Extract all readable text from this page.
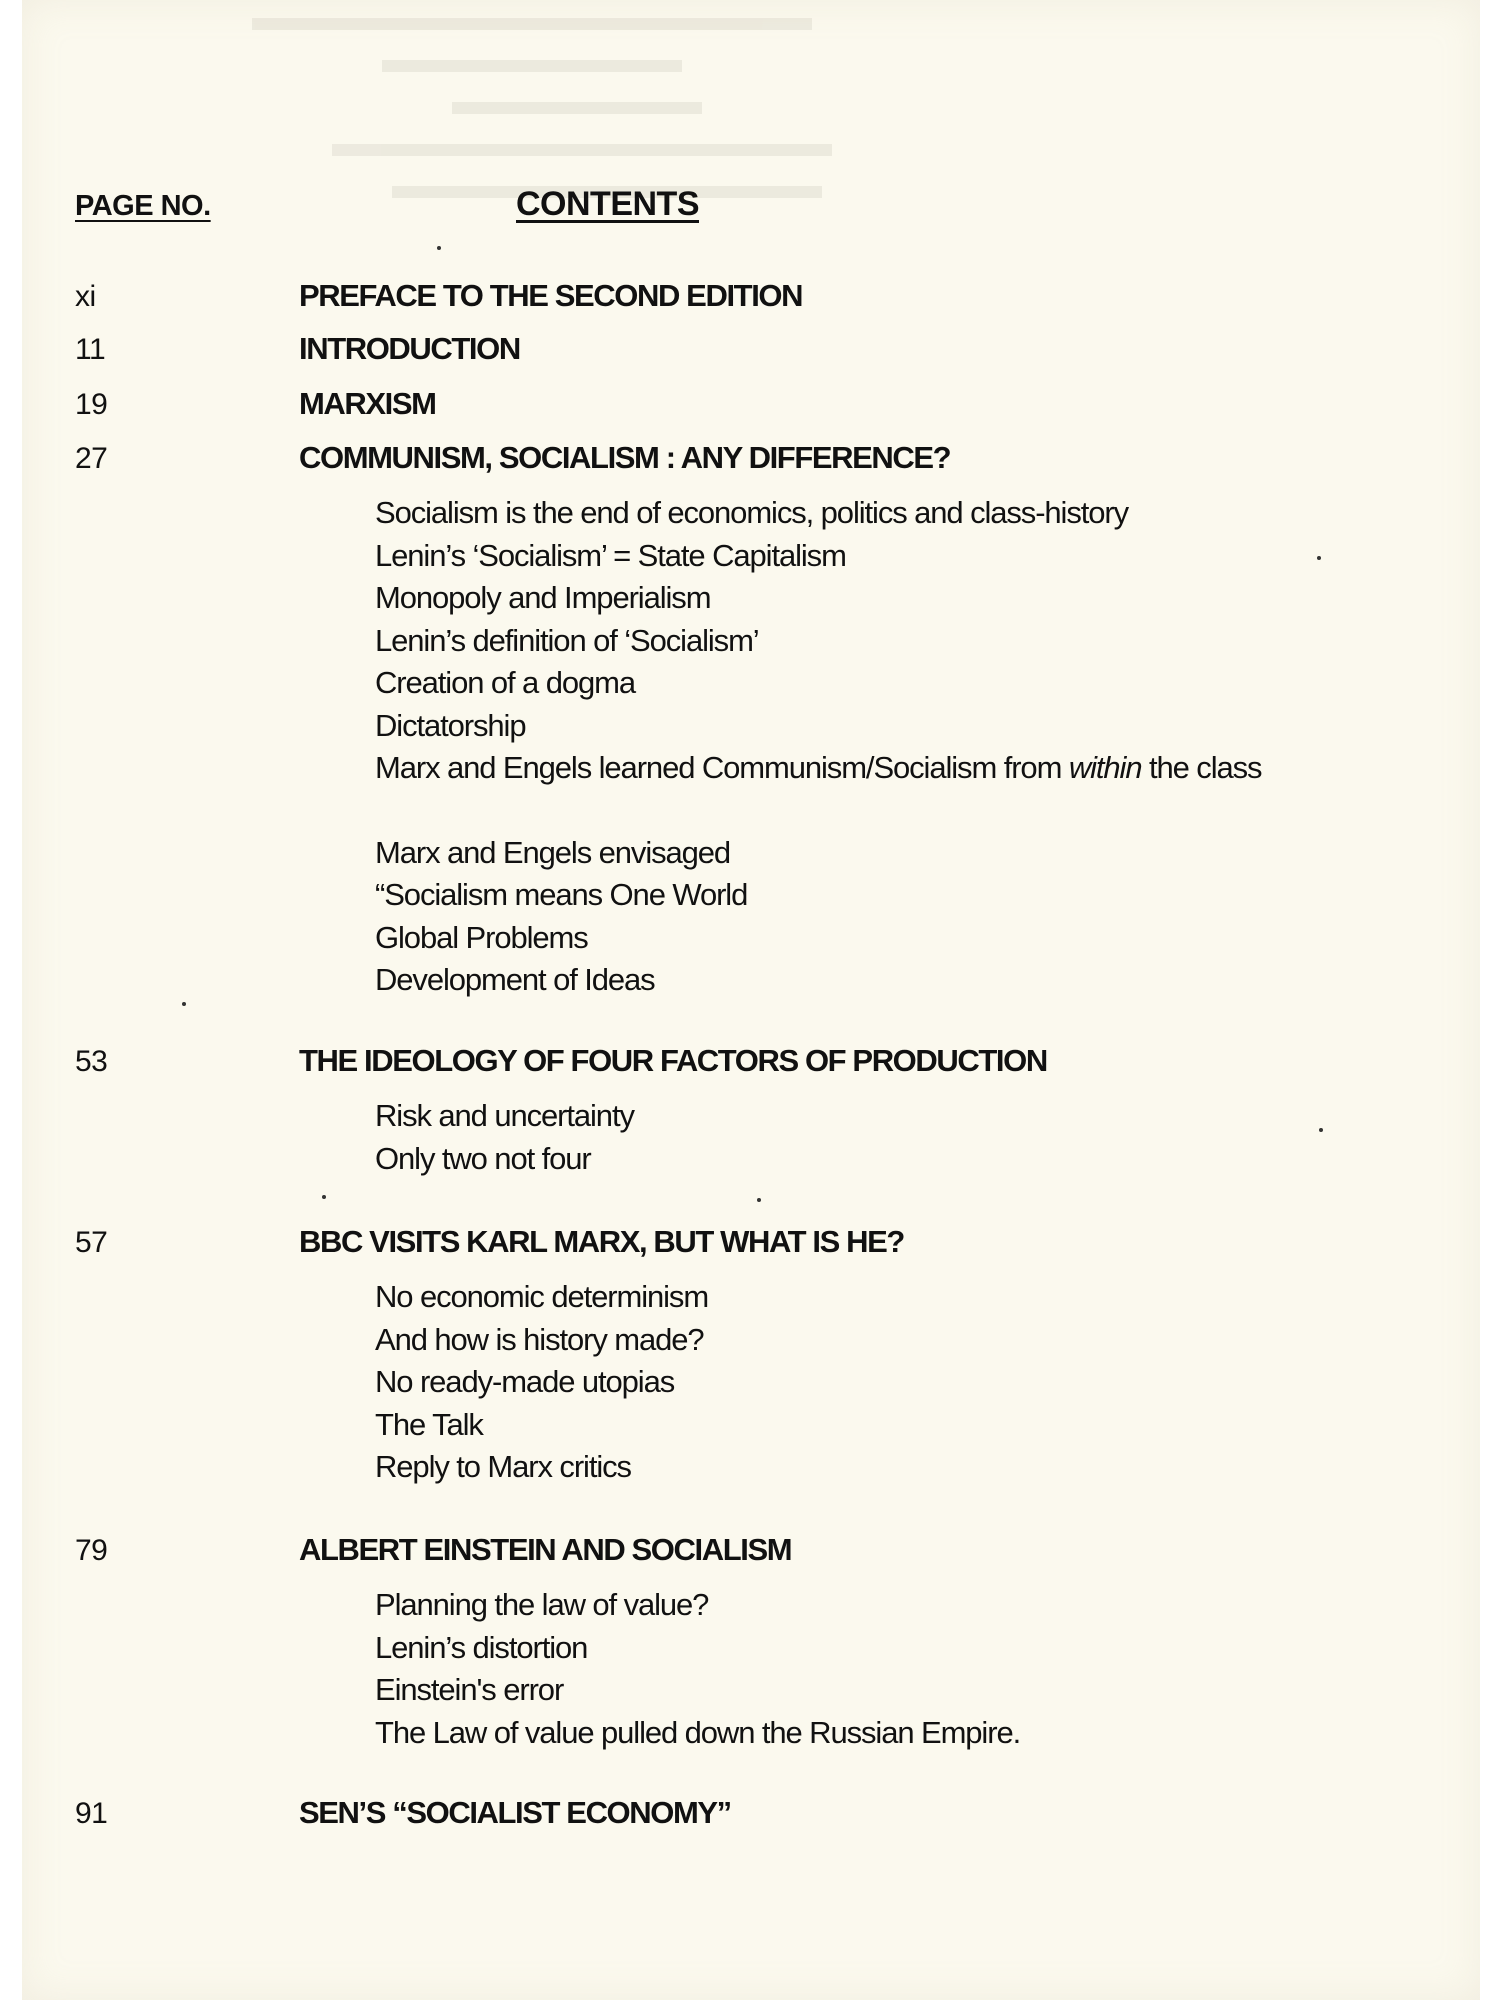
PAGE NO.	CONTENTS
xi	PREFACE TO THE SECOND EDITION
11	INTRODUCTION
19	MARXISM
27	COMMUNISM, SOCIALISM : ANY DIFFERENCE?
Socialism is the end of economics, politics and class-history
Lenin’s ‘Socialism’ = State Capitalism
Monopoly and Imperialism
Lenin’s definition of ‘Socialism’
Creation of a dogma
Dictatorship
Marx and Engels learned Communism/Socialism from within the class
Marx and Engels envisaged
“Socialism means One World
Global Problems
Development of Ideas
53	THE IDEOLOGY OF FOUR FACTORS OF PRODUCTION
Risk and uncertainty
Only two not four
57	BBC VISITS KARL MARX, BUT WHAT IS HE?
No economic determinism
And how is history made?
No ready-made utopias
The Talk
Reply to Marx critics
79	ALBERT EINSTEIN AND SOCIALISM
Planning the law of value?
Lenin’s distortion
Einstein's error
The Law of value pulled down the Russian Empire.
91	SEN’S “SOCIALIST ECONOMY”
